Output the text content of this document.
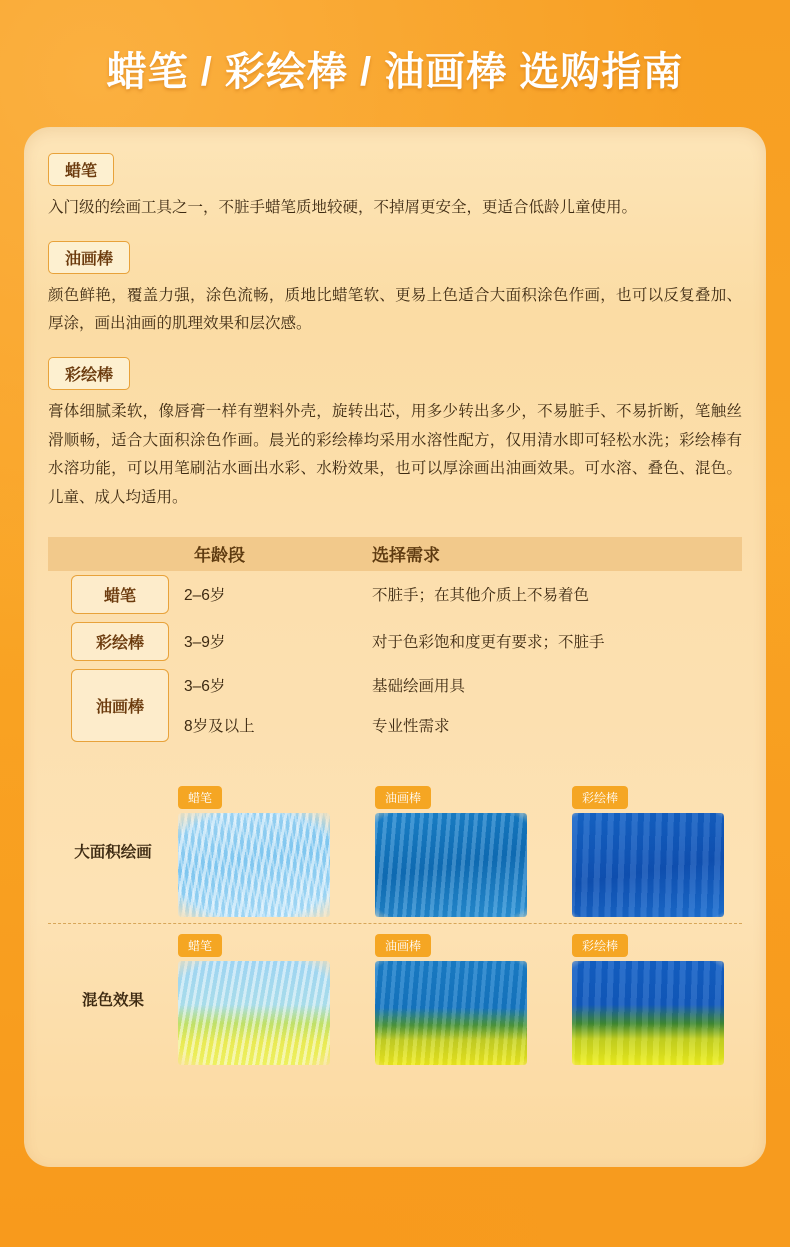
蜡笔 / 彩绘棒 / 油画棒 选购指南
蜡笔

入门级的绘画工具之一，不脏手蜡笔质地较硬，不掉屑更安全，更适合低龄儿童使用。

油画棒

颜色鲜艳，覆盖力强，涂色流畅，质地比蜡笔软、更易上色适合大面积涂色作画，也可以反复叠加、厚涂，画出油画的肌理效果和层次感。

彩绘棒

膏体细腻柔软，像唇膏一样有塑料外壳，旋转出芯，用多少转出多少，不易脏手、不易折断，笔触丝滑顺畅，适合大面积涂色作画。晨光的彩绘棒均采用水溶性配方，仅用清水即可轻松水洗；彩绘棒有水溶功能，可以用笔刷沾水画出水彩、水粉效果，也可以厚涂画出油画效果。可水溶、叠色、混色。儿童、成人均适用。

	年龄段	选择需求

蜡笔	2–6岁	不脏手；在其他介质上不易着色

彩绘棒	3–9岁	对于色彩饱和度更有要求；不脏手

油画棒	3–6岁	基础绘画用具
	8岁及以上	专业性需求
大面积绘画
蜡笔	油画棒	彩绘棒
混色效果
蜡笔	油画棒	彩绘棒
